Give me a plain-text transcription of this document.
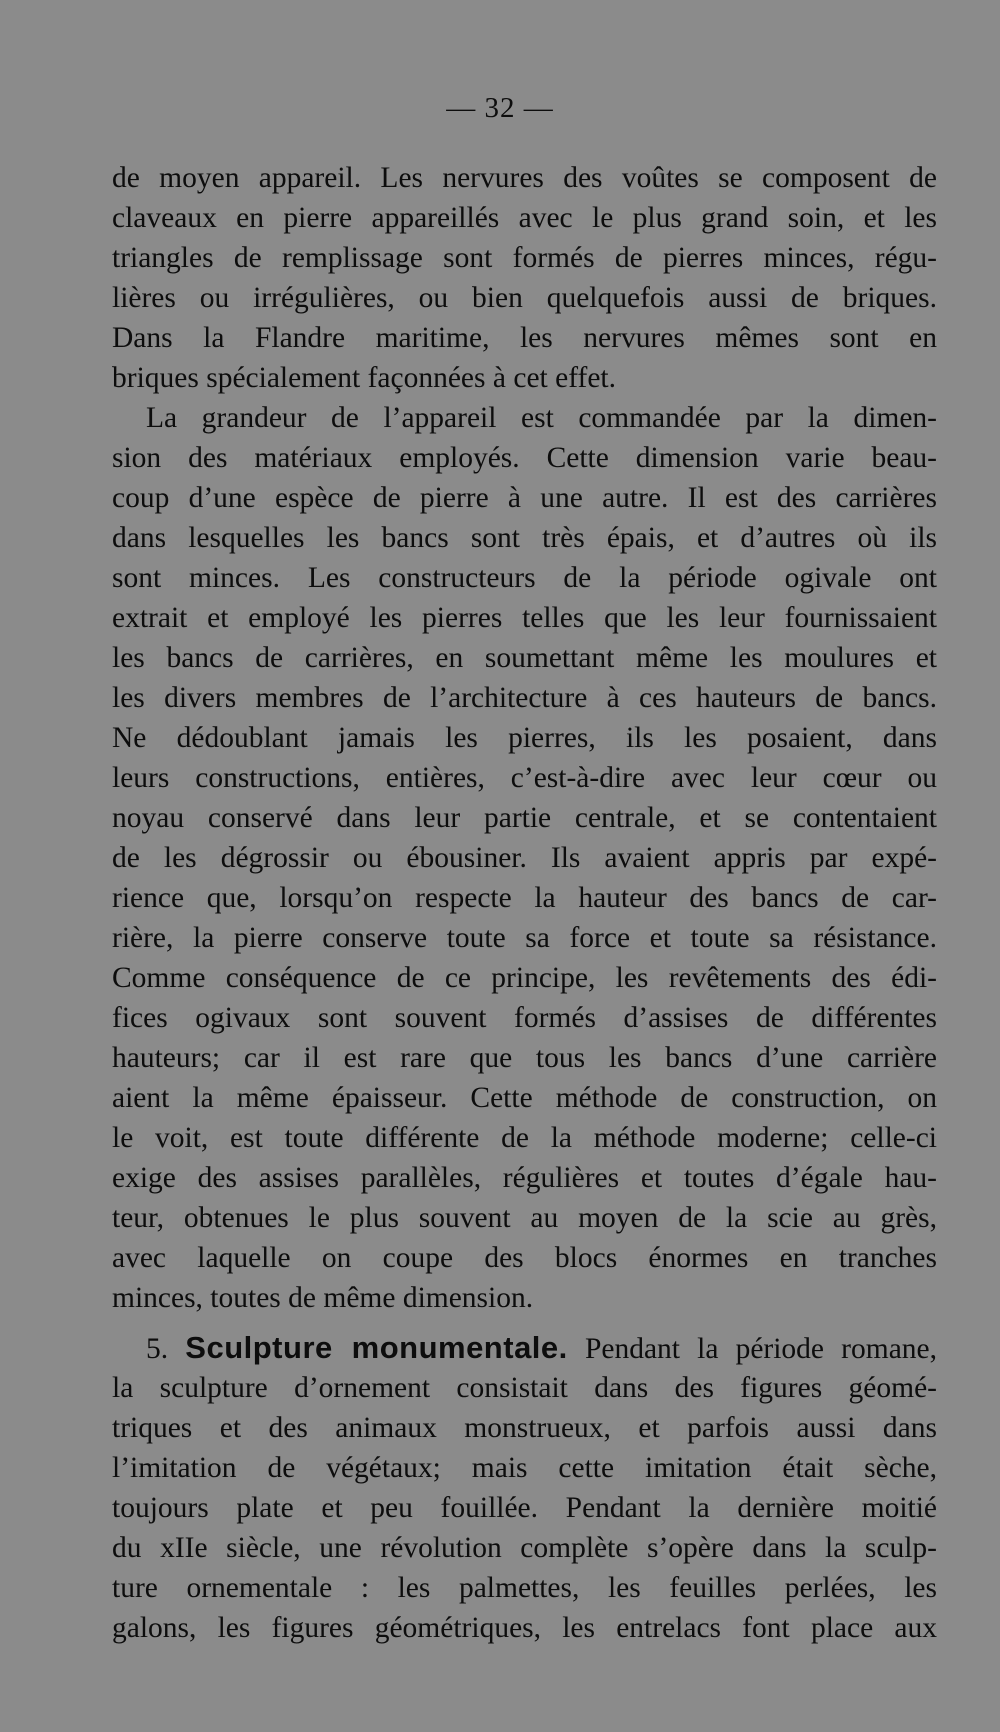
— 32 —
de moyen appareil. Les nervures des voûtes se composent de
claveaux en pierre appareillés avec le plus grand soin, et les
triangles de remplissage sont formés de pierres minces, régu-
lières ou irrégulières, ou bien quelquefois aussi de briques.
Dans la Flandre maritime, les nervures mêmes sont en
briques spécialement façonnées à cet effet.
La grandeur de l’appareil est commandée par la dimen-
sion des matériaux employés. Cette dimension varie beau-
coup d’une espèce de pierre à une autre. Il est des carrières
dans lesquelles les bancs sont très épais, et d’autres où ils
sont minces. Les constructeurs de la période ogivale ont
extrait et employé les pierres telles que les leur fournissaient
les bancs de carrières, en soumettant même les moulures et
les divers membres de l’architecture à ces hauteurs de bancs.
Ne dédoublant jamais les pierres, ils les posaient, dans
leurs constructions, entières, c’est-à-dire avec leur cœur ou
noyau conservé dans leur partie centrale, et se contentaient
de les dégrossir ou ébousiner. Ils avaient appris par expé-
rience que, lorsqu’on respecte la hauteur des bancs de car-
rière, la pierre conserve toute sa force et toute sa résistance.
Comme conséquence de ce principe, les revêtements des édi-
fices ogivaux sont souvent formés d’assises de différentes
hauteurs; car il est rare que tous les bancs d’une carrière
aient la même épaisseur. Cette méthode de construction, on
le voit, est toute différente de la méthode moderne; celle-ci
exige des assises parallèles, régulières et toutes d’égale hau-
teur, obtenues le plus souvent au moyen de la scie au grès,
avec laquelle on coupe des blocs énormes en tranches
minces, toutes de même dimension.
5. Sculpture monumentale. Pendant la période romane,
la sculpture d’ornement consistait dans des figures géomé-
triques et des animaux monstrueux, et parfois aussi dans
l’imitation de végétaux; mais cette imitation était sèche,
toujours plate et peu fouillée. Pendant la dernière moitié
du xIIe siècle, une révolution complète s’opère dans la sculp-
ture ornementale : les palmettes, les feuilles perlées, les
galons, les figures géométriques, les entrelacs font place aux
